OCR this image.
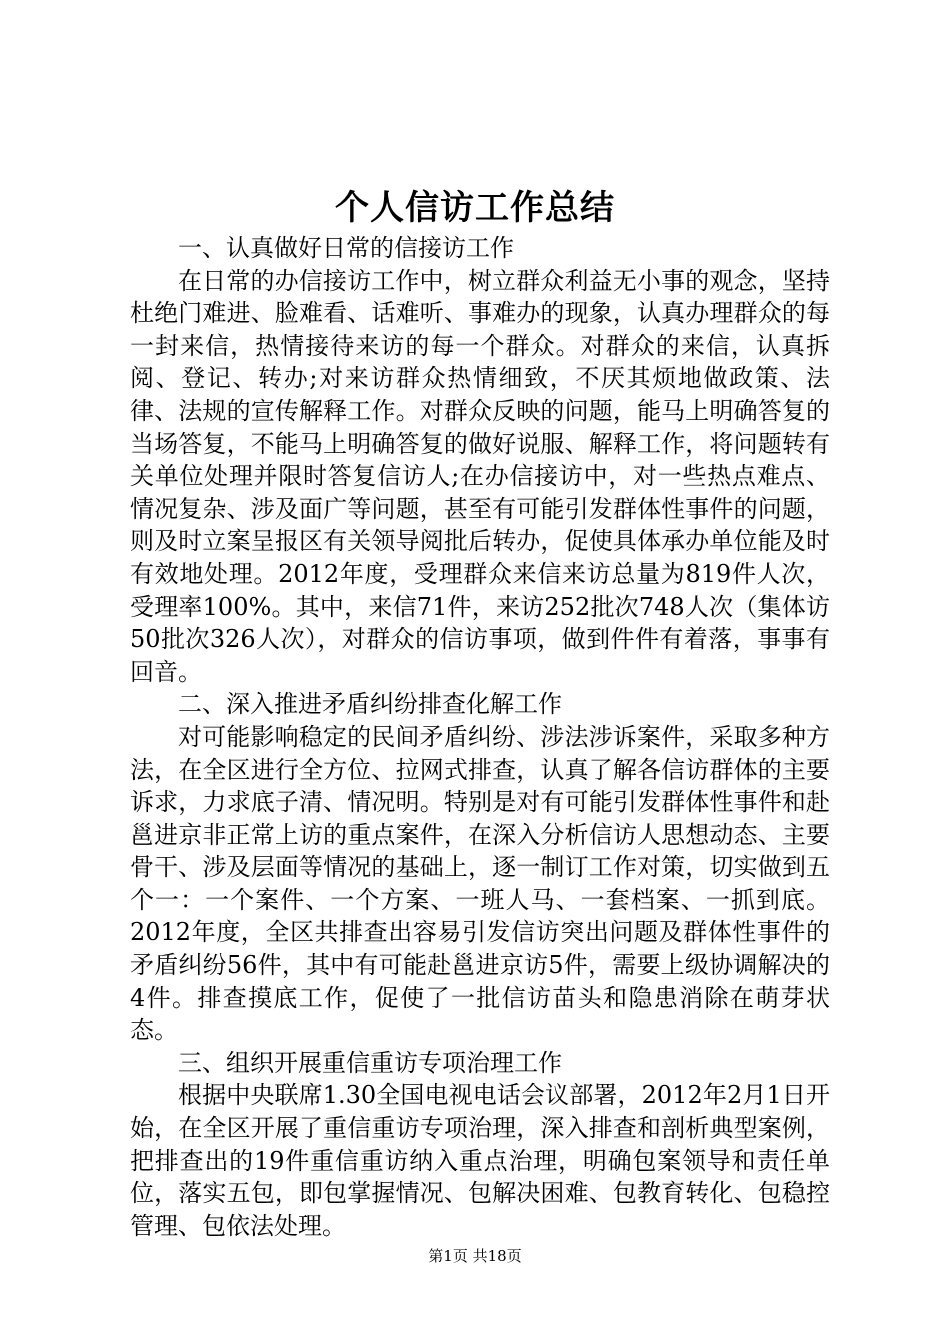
个人信访工作总结

一、认真做好日常的信接访工作

在日常的办信接访工作中，树立群众利益无小事的观念，坚持杜绝门难进、脸难看、话难听、事难办的现象，认真办理群众的每一封来信，热情接待来访的每一个群众。对群众的来信，认真拆阅、登记、转办;对来访群众热情细致，不厌其烦地做政策、法律、法规的宣传解释工作。对群众反映的问题，能马上明确答复的当场答复，不能马上明确答复的做好说服、解释工作，将问题转有关单位处理并限时答复信访人;在办信接访中，对一些热点难点、情况复杂、涉及面广等问题，甚至有可能引发群体性事件的问题，则及时立案呈报区有关领导阅批后转办，促使具体承办单位能及时有效地处理。2012年度，受理群众来信来访总量为819件人次，受理率100%。其中，来信71件，来访252批次748人次（集体访50批次326人次），对群众的信访事项，做到件件有着落，事事有回音。

二、深入推进矛盾纠纷排查化解工作

对可能影响稳定的民间矛盾纠纷、涉法涉诉案件，采取多种方法，在全区进行全方位、拉网式排查，认真了解各信访群体的主要诉求，力求底子清、情况明。特别是对有可能引发群体性事件和赴邕进京非正常上访的重点案件，在深入分析信访人思想动态、主要骨干、涉及层面等情况的基础上，逐一制订工作对策，切实做到五个一：一个案件、一个方案、一班人马、一套档案、一抓到底。2012年度，全区共排查出容易引发信访突出问题及群体性事件的矛盾纠纷56件，其中有可能赴邕进京访5件，需要上级协调解决的4件。排查摸底工作，促使了一批信访苗头和隐患消除在萌芽状态。

三、组织开展重信重访专项治理工作

根据中央联席1.30全国电视电话会议部署，2012年2月1日开始，在全区开展了重信重访专项治理，深入排查和剖析典型案例，把排查出的19件重信重访纳入重点治理，明确包案领导和责任单位，落实五包，即包掌握情况、包解决困难、包教育转化、包稳控管理、包依法处理。

第1页 共18页
